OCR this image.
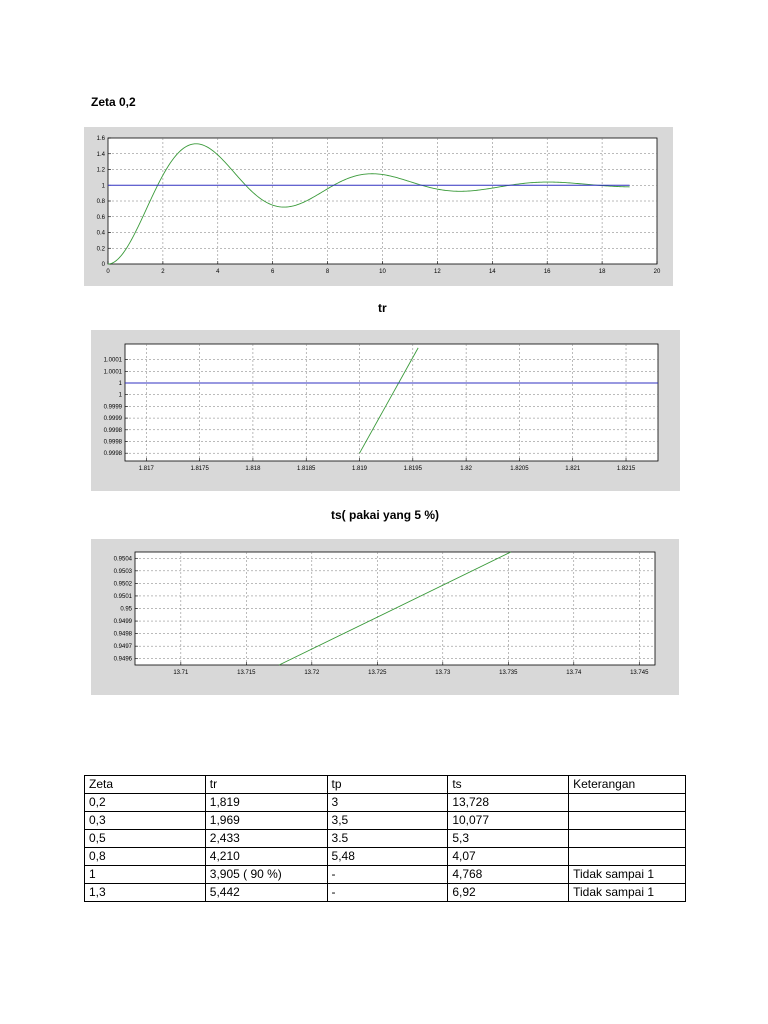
Zeta 0,2
0	2	4	6	8	10	12	14	16	18	20
0
0.2
0.4
0.6
0.8
1
1.2
1.4
1.6
tr
1.817	1.8175	1.818	1.8185	1.819	1.8195	1.82	1.8205	1.821	1.8215
0.9998
0.9998
0.9998
0.9999
0.9999
1
1
1.0001
1.0001
ts( pakai yang 5 %)
13.71	13.715	13.72	13.725	13.73	13.735	13.74	13.745
0.9496
0.9497
0.9498
0.9499
0.95
0.9501
0.9502
0.9503
0.9504
Zeta	tr	tp	ts	Keterangan
0,2	1,819	3	13,728	
0,3	1,969	3,5	10,077	
0,5	2,433	3.5	5,3	
0,8	4,210	5,48	4,07	
1	3,905 ( 90 %)	-	4,768	Tidak sampai 1
1,3	5,442	-	6,92	Tidak sampai 1
